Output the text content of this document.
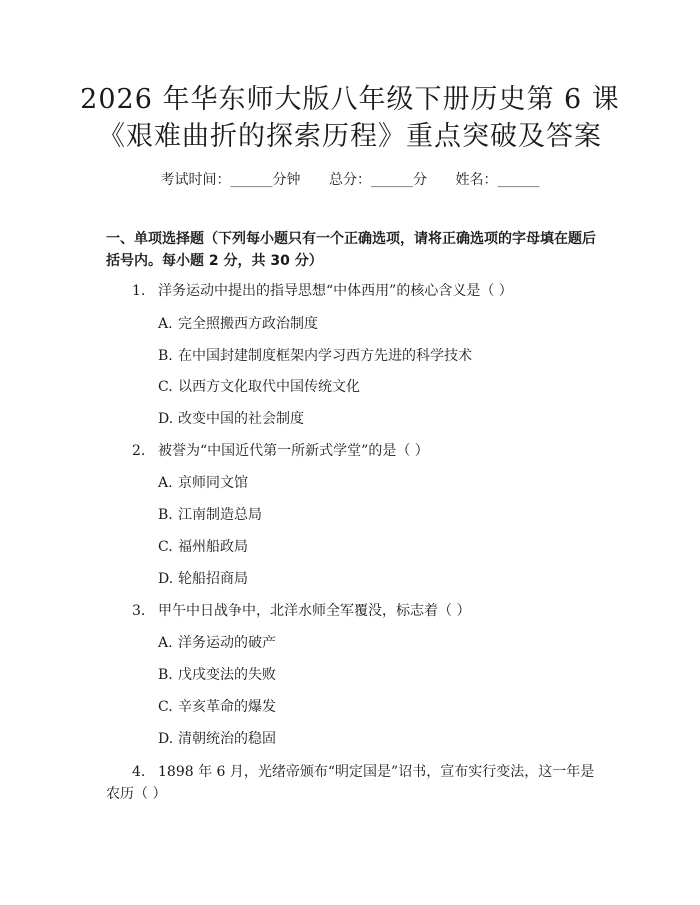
2026 年华东师大版八年级下册历史第 6 课
《艰难曲折的探索历程》重点突破及答案
考试时间：______分钟 总分：______分 姓名：______
一、单项选择题（下列每小题只有一个正确选项，请将正确选项的字母填在题后括号内。每小题 2 分，共 30 分）
1. 洋务运动中提出的指导思想“中体西用”的核心含义是（ ）
A. 完全照搬西方政治制度
B. 在中国封建制度框架内学习西方先进的科学技术
C. 以西方文化取代中国传统文化
D. 改变中国的社会制度
2. 被誉为“中国近代第一所新式学堂”的是（ ）
A. 京师同文馆
B. 江南制造总局
C. 福州船政局
D. 轮船招商局
3. 甲午中日战争中，北洋水师全军覆没，标志着（ ）
A. 洋务运动的破产
B. 戊戌变法的失败
C. 辛亥革命的爆发
D. 清朝统治的稳固
4. 1898 年 6 月，光绪帝颁布“明定国是”诏书，宣布实行变法，这一年是农历（ ）
